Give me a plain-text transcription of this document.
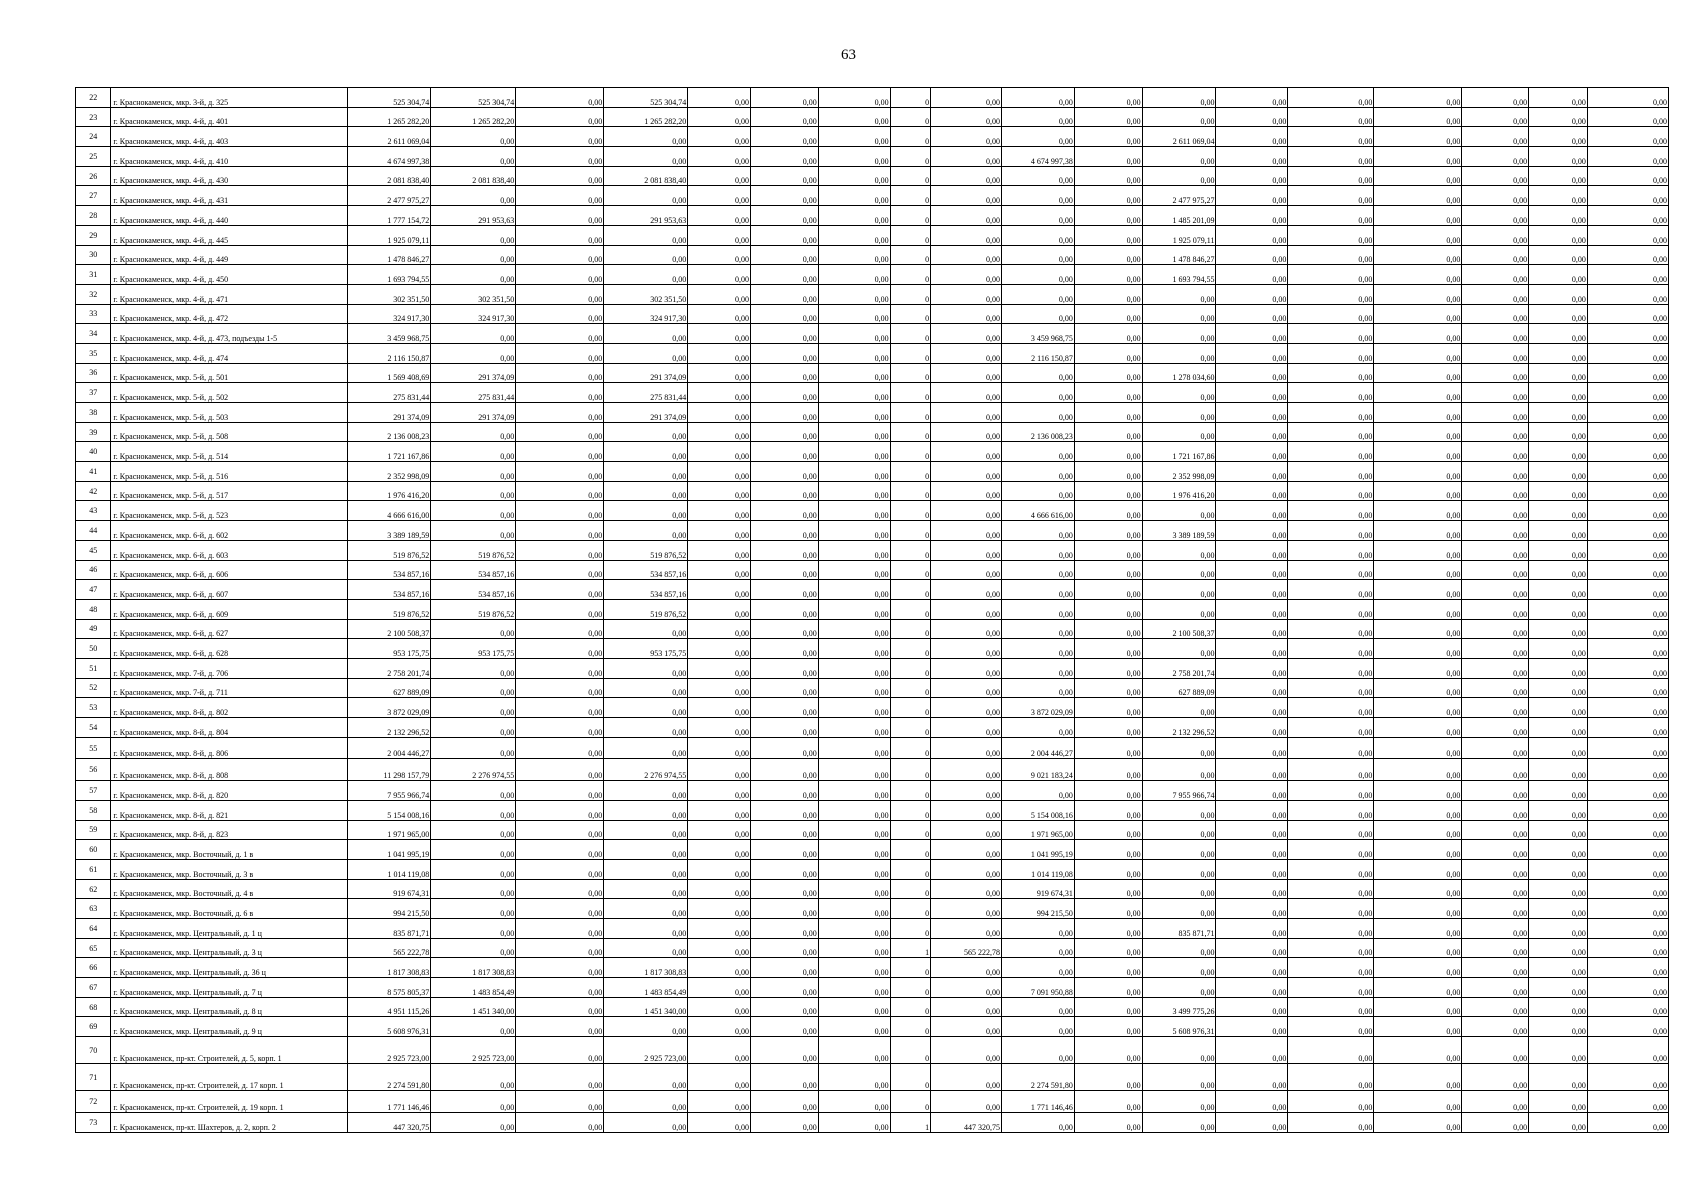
63
22	г. Краснокаменск, мкр. 3-й, д. 325	525 304,74	525 304,74	0,00	525 304,74	0,00	0,00	0,00	0	0,00	0,00	0,00	0,00	0,00	0,00	0,00	0,00	0,00	0,00
23	г. Краснокаменск, мкр. 4-й, д. 401	1 265 282,20	1 265 282,20	0,00	1 265 282,20	0,00	0,00	0,00	0	0,00	0,00	0,00	0,00	0,00	0,00	0,00	0,00	0,00	0,00
24	г. Краснокаменск, мкр. 4-й, д. 403	2 611 069,04	0,00	0,00	0,00	0,00	0,00	0,00	0	0,00	0,00	0,00	2 611 069,04	0,00	0,00	0,00	0,00	0,00	0,00
25	г. Краснокаменск, мкр. 4-й, д. 410	4 674 997,38	0,00	0,00	0,00	0,00	0,00	0,00	0	0,00	4 674 997,38	0,00	0,00	0,00	0,00	0,00	0,00	0,00	0,00
26	г. Краснокаменск, мкр. 4-й, д. 430	2 081 838,40	2 081 838,40	0,00	2 081 838,40	0,00	0,00	0,00	0	0,00	0,00	0,00	0,00	0,00	0,00	0,00	0,00	0,00	0,00
27	г. Краснокаменск, мкр. 4-й, д. 431	2 477 975,27	0,00	0,00	0,00	0,00	0,00	0,00	0	0,00	0,00	0,00	2 477 975,27	0,00	0,00	0,00	0,00	0,00	0,00
28	г. Краснокаменск, мкр. 4-й, д. 440	1 777 154,72	291 953,63	0,00	291 953,63	0,00	0,00	0,00	0	0,00	0,00	0,00	1 485 201,09	0,00	0,00	0,00	0,00	0,00	0,00
29	г. Краснокаменск, мкр. 4-й, д. 445	1 925 079,11	0,00	0,00	0,00	0,00	0,00	0,00	0	0,00	0,00	0,00	1 925 079,11	0,00	0,00	0,00	0,00	0,00	0,00
30	г. Краснокаменск, мкр. 4-й, д. 449	1 478 846,27	0,00	0,00	0,00	0,00	0,00	0,00	0	0,00	0,00	0,00	1 478 846,27	0,00	0,00	0,00	0,00	0,00	0,00
31	г. Краснокаменск, мкр. 4-й, д. 450	1 693 794,55	0,00	0,00	0,00	0,00	0,00	0,00	0	0,00	0,00	0,00	1 693 794,55	0,00	0,00	0,00	0,00	0,00	0,00
32	г. Краснокаменск, мкр. 4-й, д. 471	302 351,50	302 351,50	0,00	302 351,50	0,00	0,00	0,00	0	0,00	0,00	0,00	0,00	0,00	0,00	0,00	0,00	0,00	0,00
33	г. Краснокаменск, мкр. 4-й, д. 472	324 917,30	324 917,30	0,00	324 917,30	0,00	0,00	0,00	0	0,00	0,00	0,00	0,00	0,00	0,00	0,00	0,00	0,00	0,00
34	г. Краснокаменск, мкр. 4-й, д. 473, подъезды 1-5	3 459 968,75	0,00	0,00	0,00	0,00	0,00	0,00	0	0,00	3 459 968,75	0,00	0,00	0,00	0,00	0,00	0,00	0,00	0,00
35	г. Краснокаменск, мкр. 4-й, д. 474	2 116 150,87	0,00	0,00	0,00	0,00	0,00	0,00	0	0,00	2 116 150,87	0,00	0,00	0,00	0,00	0,00	0,00	0,00	0,00
36	г. Краснокаменск, мкр. 5-й, д. 501	1 569 408,69	291 374,09	0,00	291 374,09	0,00	0,00	0,00	0	0,00	0,00	0,00	1 278 034,60	0,00	0,00	0,00	0,00	0,00	0,00
37	г. Краснокаменск, мкр. 5-й, д. 502	275 831,44	275 831,44	0,00	275 831,44	0,00	0,00	0,00	0	0,00	0,00	0,00	0,00	0,00	0,00	0,00	0,00	0,00	0,00
38	г. Краснокаменск, мкр. 5-й, д. 503	291 374,09	291 374,09	0,00	291 374,09	0,00	0,00	0,00	0	0,00	0,00	0,00	0,00	0,00	0,00	0,00	0,00	0,00	0,00
39	г. Краснокаменск, мкр. 5-й, д. 508	2 136 008,23	0,00	0,00	0,00	0,00	0,00	0,00	0	0,00	2 136 008,23	0,00	0,00	0,00	0,00	0,00	0,00	0,00	0,00
40	г. Краснокаменск, мкр. 5-й, д. 514	1 721 167,86	0,00	0,00	0,00	0,00	0,00	0,00	0	0,00	0,00	0,00	1 721 167,86	0,00	0,00	0,00	0,00	0,00	0,00
41	г. Краснокаменск, мкр. 5-й, д. 516	2 352 998,09	0,00	0,00	0,00	0,00	0,00	0,00	0	0,00	0,00	0,00	2 352 998,09	0,00	0,00	0,00	0,00	0,00	0,00
42	г. Краснокаменск, мкр. 5-й, д. 517	1 976 416,20	0,00	0,00	0,00	0,00	0,00	0,00	0	0,00	0,00	0,00	1 976 416,20	0,00	0,00	0,00	0,00	0,00	0,00
43	г. Краснокаменск, мкр. 5-й, д. 523	4 666 616,00	0,00	0,00	0,00	0,00	0,00	0,00	0	0,00	4 666 616,00	0,00	0,00	0,00	0,00	0,00	0,00	0,00	0,00
44	г. Краснокаменск, мкр. 6-й, д. 602	3 389 189,59	0,00	0,00	0,00	0,00	0,00	0,00	0	0,00	0,00	0,00	3 389 189,59	0,00	0,00	0,00	0,00	0,00	0,00
45	г. Краснокаменск, мкр. 6-й, д. 603	519 876,52	519 876,52	0,00	519 876,52	0,00	0,00	0,00	0	0,00	0,00	0,00	0,00	0,00	0,00	0,00	0,00	0,00	0,00
46	г. Краснокаменск, мкр. 6-й, д. 606	534 857,16	534 857,16	0,00	534 857,16	0,00	0,00	0,00	0	0,00	0,00	0,00	0,00	0,00	0,00	0,00	0,00	0,00	0,00
47	г. Краснокаменск, мкр. 6-й, д. 607	534 857,16	534 857,16	0,00	534 857,16	0,00	0,00	0,00	0	0,00	0,00	0,00	0,00	0,00	0,00	0,00	0,00	0,00	0,00
48	г. Краснокаменск, мкр. 6-й, д. 609	519 876,52	519 876,52	0,00	519 876,52	0,00	0,00	0,00	0	0,00	0,00	0,00	0,00	0,00	0,00	0,00	0,00	0,00	0,00
49	г. Краснокаменск, мкр. 6-й, д. 627	2 100 508,37	0,00	0,00	0,00	0,00	0,00	0,00	0	0,00	0,00	0,00	2 100 508,37	0,00	0,00	0,00	0,00	0,00	0,00
50	г. Краснокаменск, мкр. 6-й, д. 628	953 175,75	953 175,75	0,00	953 175,75	0,00	0,00	0,00	0	0,00	0,00	0,00	0,00	0,00	0,00	0,00	0,00	0,00	0,00
51	г. Краснокаменск, мкр. 7-й, д. 706	2 758 201,74	0,00	0,00	0,00	0,00	0,00	0,00	0	0,00	0,00	0,00	2 758 201,74	0,00	0,00	0,00	0,00	0,00	0,00
52	г. Краснокаменск, мкр. 7-й, д. 711	627 889,09	0,00	0,00	0,00	0,00	0,00	0,00	0	0,00	0,00	0,00	627 889,09	0,00	0,00	0,00	0,00	0,00	0,00
53	г. Краснокаменск, мкр. 8-й, д. 802	3 872 029,09	0,00	0,00	0,00	0,00	0,00	0,00	0	0,00	3 872 029,09	0,00	0,00	0,00	0,00	0,00	0,00	0,00	0,00
54	г. Краснокаменск, мкр. 8-й, д. 804	2 132 296,52	0,00	0,00	0,00	0,00	0,00	0,00	0	0,00	0,00	0,00	2 132 296,52	0,00	0,00	0,00	0,00	0,00	0,00
55	г. Краснокаменск, мкр. 8-й, д. 806	2 004 446,27	0,00	0,00	0,00	0,00	0,00	0,00	0	0,00	2 004 446,27	0,00	0,00	0,00	0,00	0,00	0,00	0,00	0,00
56	г. Краснокаменск, мкр. 8-й, д. 808	11 298 157,79	2 276 974,55	0,00	2 276 974,55	0,00	0,00	0,00	0	0,00	9 021 183,24	0,00	0,00	0,00	0,00	0,00	0,00	0,00	0,00
57	г. Краснокаменск, мкр. 8-й, д. 820	7 955 966,74	0,00	0,00	0,00	0,00	0,00	0,00	0	0,00	0,00	0,00	7 955 966,74	0,00	0,00	0,00	0,00	0,00	0,00
58	г. Краснокаменск, мкр. 8-й, д. 821	5 154 008,16	0,00	0,00	0,00	0,00	0,00	0,00	0	0,00	5 154 008,16	0,00	0,00	0,00	0,00	0,00	0,00	0,00	0,00
59	г. Краснокаменск, мкр. 8-й, д. 823	1 971 965,00	0,00	0,00	0,00	0,00	0,00	0,00	0	0,00	1 971 965,00	0,00	0,00	0,00	0,00	0,00	0,00	0,00	0,00
60	г. Краснокаменск, мкр. Восточный, д. 1 в	1 041 995,19	0,00	0,00	0,00	0,00	0,00	0,00	0	0,00	1 041 995,19	0,00	0,00	0,00	0,00	0,00	0,00	0,00	0,00
61	г. Краснокаменск, мкр. Восточный, д. 3 в	1 014 119,08	0,00	0,00	0,00	0,00	0,00	0,00	0	0,00	1 014 119,08	0,00	0,00	0,00	0,00	0,00	0,00	0,00	0,00
62	г. Краснокаменск, мкр. Восточный, д. 4 в	919 674,31	0,00	0,00	0,00	0,00	0,00	0,00	0	0,00	919 674,31	0,00	0,00	0,00	0,00	0,00	0,00	0,00	0,00
63	г. Краснокаменск, мкр. Восточный, д. 6 в	994 215,50	0,00	0,00	0,00	0,00	0,00	0,00	0	0,00	994 215,50	0,00	0,00	0,00	0,00	0,00	0,00	0,00	0,00
64	г. Краснокаменск, мкр. Центральный, д. 1 ц	835 871,71	0,00	0,00	0,00	0,00	0,00	0,00	0	0,00	0,00	0,00	835 871,71	0,00	0,00	0,00	0,00	0,00	0,00
65	г. Краснокаменск, мкр. Центральный, д. 3 ц	565 222,78	0,00	0,00	0,00	0,00	0,00	0,00	1	565 222,78	0,00	0,00	0,00	0,00	0,00	0,00	0,00	0,00	0,00
66	г. Краснокаменск, мкр. Центральный, д. 36 ц	1 817 308,83	1 817 308,83	0,00	1 817 308,83	0,00	0,00	0,00	0	0,00	0,00	0,00	0,00	0,00	0,00	0,00	0,00	0,00	0,00
67	г. Краснокаменск, мкр. Центральный, д. 7 ц	8 575 805,37	1 483 854,49	0,00	1 483 854,49	0,00	0,00	0,00	0	0,00	7 091 950,88	0,00	0,00	0,00	0,00	0,00	0,00	0,00	0,00
68	г. Краснокаменск, мкр. Центральный, д. 8 ц	4 951 115,26	1 451 340,00	0,00	1 451 340,00	0,00	0,00	0,00	0	0,00	0,00	0,00	3 499 775,26	0,00	0,00	0,00	0,00	0,00	0,00
69	г. Краснокаменск, мкр. Центральный, д. 9 ц	5 608 976,31	0,00	0,00	0,00	0,00	0,00	0,00	0	0,00	0,00	0,00	5 608 976,31	0,00	0,00	0,00	0,00	0,00	0,00
70	г. Краснокаменск, пр-кт. Строителей, д. 5, корп. 1	2 925 723,00	2 925 723,00	0,00	2 925 723,00	0,00	0,00	0,00	0	0,00	0,00	0,00	0,00	0,00	0,00	0,00	0,00	0,00	0,00
71	г. Краснокаменск, пр-кт. Строителей, д. 17 корп. 1	2 274 591,80	0,00	0,00	0,00	0,00	0,00	0,00	0	0,00	2 274 591,80	0,00	0,00	0,00	0,00	0,00	0,00	0,00	0,00
72	г. Краснокаменск, пр-кт. Строителей, д. 19 корп. 1	1 771 146,46	0,00	0,00	0,00	0,00	0,00	0,00	0	0,00	1 771 146,46	0,00	0,00	0,00	0,00	0,00	0,00	0,00	0,00
73	г. Краснокаменск, пр-кт. Шахтеров, д. 2, корп. 2	447 320,75	0,00	0,00	0,00	0,00	0,00	0,00	1	447 320,75	0,00	0,00	0,00	0,00	0,00	0,00	0,00	0,00	0,00
